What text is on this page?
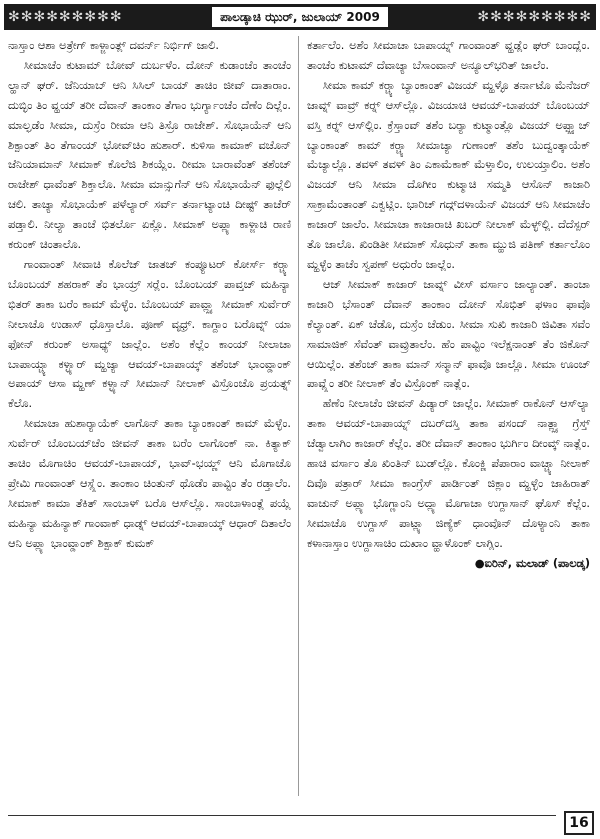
✻✻✻✻✻✻✻✻✻	ಪಾಲಡ್ಕಾಚಿ ಝುರ್, ಜುಲಾಯ್ 2009	✻✻✻✻✻✻✻✻✻

ನಾಸ್ತಾಂ ಆಶಾ ಅತ್ರೇಗ್ ಕಾಳ್ಜಾಂತ್ಲ್ ದವರ್ನ್ ನಿರ್ಭಿಗ್ ಜಾಲಿ.

ಸೀಮಾಚೆಂ ಕುಟಾಮ್ ಬೋವ್ ದುರ್ಬಳೆಂ. ದೋನ್ ಕುಡಾಂಚೆಂ ತಾಂಚೆಂ ಲ್ಹಾನ್ ಘರ್. ಜೆನಿಯಾಬ್ ಆನಿ ಸಿಸಿಲ್ ಬಾಯ್ ತಾಚಿಂ ಜೀವ್ ದಾತಾರಾಂ. ದುಬ್ಳಿಂ ತಿಂ ವ್ಹಯ್ ತರೀ ದೆವಾನ್ ತಾಂಕಾಂ ತೆಗಾಂ ಭುರ್ಗ್ಯಾಂಚೆಂ ದೆಣೆಂ ದಿಲ್ಲೆಂ. ಮಾಲ್ಘಡೆಂ ಸೀಮಾ, ದುಸ್ರೆಂ ರೀಮಾ ಆನಿ ತಿಸ್ರೊ ರಾಜೇಶ್. ಸೊಭಾಯೆನ್ ಆನಿ ಶಿಕ್ಪಾಂತ್ ತಿಂ ತೆಗಾಂಯ್ ಭೋವ್‌ಚಿಂ ಹುಶಾರ್. ಕುಳಿಸಾ ಕಾಮಾಕ್ ವಚೊನ್ ಜೆನಿಯಾಮಾನ್ ಸೀಮಾಕ್ ಕೊಲೆಜಿ ಶಿಕಯ್ಲೆಂ. ರೀಮಾ ಬಾರಾವೆಂತ್ ತಶೆಂಚ್ ರಾಜೇಶ್ ಧಾವೆಂತ್ ಶಿಕ್ತಾಲೊ. ಸೀಮಾ ಮಾನ್ಸುಗೆನ್ ಆನಿ ಸೊಭಾಯೆನ್ ಫುಲ್ಲೆಲಿ ಚಲಿ. ತಾಚ್ಯಾ ಸೊಭಾಯೆಕ್ ಪಳೆಲ್ಯಾರ್ ಸರ್ವ್ ತರ್ನಾಟ್ಯಾಂಚಿ ದೀಷ್ಟ್ ತಾಚೆರ್ ಪಡ್ತಾಲಿ. ನೀಲ್ಯಾ ತಾಂಚೆ ಭಿತರ್ಲೊ ಏಕ್ಲೊ. ಸೀಮಾಕ್ ಅಪ್ಲ್ಯಾ ಕಾಳ್ಜಾಚಿ ರಾಣಿ ಕರುಂಕ್ ಚಿಂತಾಲೊ.

ಗಾಂವಾಂತ್ ಸೀವಾಚಿ ಕೊಲೆಜ್ ಜಾತಚ್ ಕಂಪ್ಯೂಟರ್ ಕೋರ್ಸ್ ಕರ್‍ಚ್ಯಾ ಬೊಂಬಯ್ ಶಹರಾಕ್ ತೆಂ ಭಾಯ್ರ್ ಸರ್‍ಲೆಂ. ಬೊಂಬಯ್ ಪಾವ್ತಚ್ ಮಹಿನ್ಯಾ ಭಿತರ್ ತಾಕಾ ಬರೆಂ ಕಾಮ್ ಮೆಳ್ಳೆಂ. ಬೊಂಬಯ್ ಪಾವ್ಲ್ಲ್ಯಾ ಸೀಮಾಕ್ ಸುರ್ವೆರ್ ನೀಲಾಚೊ ಉಡಾಸ್ ಧೊಸ್ತಾಲೊ. ಪೂಣ್ ವೃಧ್ರ್. ಕಾಗ್ದಾಂ ಬರೊವ್ನ್ ಯಾ ಫೋನ್ ಕರುಂಕ್ ಅಸಾಧ್ಯ್ ಜಾಲ್ಲೆಂ. ಅಶೆಂ ಕೆಲ್ಲೆಂ ಕಾಂಯ್ ನೀಲಾಚಾ ಬಾಪಾಯ್ಚ್ಯಾ ಕಳ್ಳ್ಯಾರ್ ಮ್ಹಜ್ಯಾ ಆವಯ್-ಬಾಪಾಯ್ಕ್ ತಶೆಂಚ್ ಭಾಂವ್ಡಾಂಕ್ ಅಪಾಯ್ ಆಸಾ ಮ್ಹಣ್ ಕಳ್ಳ್ಯಾನ್ ಸೀಮಾನ್ ನೀಲಾಕ್ ವಿಸ್ರೊಂಚೊ ಪ್ರಯತ್ನ್ ಕೆಲೊ.

ಸೀಮಾಚಾ ಹುಶಾರ್‍ಯಾಯೆಕ್ ಲಾಗೊನ್ ತಾಕಾ ಬ್ಯಾಂಕಾಂತ್ ಕಾಮ್ ಮೆಳ್ಳೆಂ. ಸುರ್ವೆರ್ ಬೊಂಬಯ್‌ಚೆಂ ಜೀವನ್ ತಾಕಾ ಬರೆಂ ಲಾಗೊಂಕ್ ನಾ. ಕಿತ್ಯಾಕ್ ತಾಚಿಂ ಮೊಗಾಚಿಂ ಆವಯ್-ಬಾಪಾಯ್, ಭಾವ್-ಭಯ್ಣ್ ಆನಿ ಮೊಗಾಚೊ ಪ್ರೇಮಿ ಗಾಂವಾಂತ್ ಆಸ್ಲ್ಲೆಂ. ತಾಂಕಾಂ ಚಿಂತುನ್ ಥೊಡೆಂ ಪಾವ್ಟಿಂ ತೆಂ ರಡ್ತಾಲೆಂ. ಸೀಮಾಕ್ ಕಾಮಾ ತೆಕಿತ್ ಸಾಂಬಾಳ್ ಬರೊ ಆಸ್‌ಲ್ಲೊ. ಸಾಂಬಾಳಾಂತ್ಲೆ ಪಯ್ಲೆ ಮಹಿನ್ಯಾ ಮಹಿನ್ಯಾಕ್ ಗಾಂವಾಕ್ ಧಾಡ್ನ್ ಆವಯ್-ಬಾಪಾಯ್ಕ್ ಆಧಾರ್ ದಿತಾಲೆಂ ಆನಿ ಅಪ್ಲ್ಯಾ ಭಾಂವ್ಡಾಂಕ್ ಶಿಕ್ಪಾಕ್ ಕುಮಕ್

ಕರ್ತಾಲೆಂ. ಅಶೆಂ ಸೀಮಾಚಾ ಬಾಪಾಯ್ನ್ ಗಾಂವಾಂತ್ ವ್ಹಡ್ಲೆಂ ಘರ್ ಬಾಂದ್ಲೆಂ. ತಾಂಚೆಂ ಕುಟಾಮ್ ದೆವಾಚ್ಯಾ ಬೆಸಾಂವಾನ್ ಅನ್ಯೂಲ್‌ಭರಿತ್ ಜಾಲೆಂ.

ಸೀಮಾ ಕಾಮ್ ಕರ್‍ಚ್ಯಾ ಬ್ಯಾಂಕಾಂತ್ ವಿಜಯ್ ಮ್ಹಳ್ಳೊ ತರ್ನಾಟೊ ಮೆನೆಜರ್ ಜಾವ್ನ್ ವಾವ್ರ್ ಕರ್‍ನ್ ಆಸ್‌ಲ್ಲೊ. ವಿಜಯಾಚಿ ಆವಯ್-ಬಾಪಯ್ ಬೊಂಬಯ್ ವಸ್ತಿ ಕರ್‍ನ್ ಆಸ್‌ಲ್ಲಿಂ. ಕ್ರೆಸ್ತಾಂವ್ ತಶೆಂ ಬರ್‍ಯಾ ಕುಟ್ಮಾಂತ್ಲೊ ವಿಜಯ್ ಅಪ್ಪ್ಲ್ಯಾಚ್ ಬ್ಯಾಂಕಾಂತ್ ಕಾಮ್ ಕರ್‍ಚ್ಯಾ ಸೀಮಾಚ್ಯಾ ಗುಣಾಂಕ್ ತಶೆಂ ಬುದ್ವಂತ್ಕಾಯೆಕ್ ಮೆಚ್ಯಾಲ್ಲೊ. ತವಳ್ ತವಳ್ ತಿಂ ಎಕಾಮೆಕಾಕ್ ಮೆಳ್ತಾಲಿಂ, ಉಲಯ್ತಾಲಿಂ. ಅಶೆಂ ವಿಜಯ್ ಆನಿ ಸೀಮಾ ದೊಗೀಂ ಕುಟ್ಮಾಚಿ ಸಮ್ಮತಿ ಆಸೊನ್ ಕಾಜಾರಿ ಸಾಕ್ರಾಮೆಂತಾಂತ್ ಎಕ್ವಟ್ಲಿಂ. ಭಾರಿಚ್ ಗದ್ಗ್‌ದಳಾಯೆನ್ ವಿಜಯ್ ಆನಿ ಸೀಮಾಚೆಂ ಕಾಜಾರ್ ಜಾಲೆಂ. ಸೀಮಾಚಾ ಕಾಜಾರಾಚಿ ಖಬರ್ ನೀಲಾಕ್ ಮೆಳ್ಳ್‌ಲ್ಲಿ. ದೆದೆಸ್ಪರ್ ತೊ ಜಾಲೊ. ಖಿಂಡಿತೀ ಸೀಮಾಕ್ ಸೊಧುನ್ ತಾಕಾ ಮ್ಹುಜಿ ಪತಿಣ್ ಕರ್ತಾಲೊಂ ಮ್ಹಳ್ಳೆಂ ತಾಚೆಂ ಸ್ವಪಣ್ ಅಧುರೆಂ ಜಾಲ್ಲೆಂ.

ಆಜ್ ಸೀಮಾಕ್ ಕಾಜಾರ್ ಜಾವ್ನ್ ವೀಸ್ ವರ್ಸಾಂ ಜಾಲ್ಯಾಂತ್. ತಾಂಚಾ ಕಾಜಾರಿ ಭೆಸಾಂತ್ ದೆವಾನ್ ತಾಂಕಾಂ ದೋನ್ ಸೊಭಿತ್ ಫಳಾಂ ಫಾವೊ ಕೆಲ್ಯಾಂತ್. ಏಕ್ ಚೆಡೊ, ದುಸ್ರೆಂ ಚೆಡುಂ. ಸೀಮಾ ಸುಖಿ ಕಾಜಾರಿ ಜಿವಿತಾ ಸವೆಂ ಸಾಮಾಜಿಕ್ ಸೆವೆಂತ್ ವಾವ್ರುತಾಲೆಂ. ಹೆಂ ಪಾವ್ಟಿಂ ಇಲೆಕ್ಷನಾಂತ್ ತೆಂ ಜಿಕೊನ್ ಆಯಿಲ್ಲೆಂ. ತಶೆಂಚ್ ತಾಕಾ ಮಾನ್ ಸನ್ಮಾನ್ ಫಾವೊ ಜಾಲ್ಲೊ. ಸೀಮಾ ಊಂಚ್ ಪಾವ್ಲ್ಲೆಂ ತರೀ ನೀಲಾಕ್ ತೆಂ ವಿಸ್ರೊಂಕ್ ನಾತ್ಲೆಂ.

ಹೆಣೆಂ ನೀಲಾಚೆಂ ಜೀವನ್ ಪಿಡ್ಯಾರ್ ಜಾಲ್ಲೆಂ. ಸೀಮಾಕ್ ರಾಕೊನ್ ಆಸ್‌ಲ್ಯಾ ತಾಕಾ ಆವಯ್-ಬಾಪಾಯ್ನ್ ದಬರ್‌ದಸ್ತಿ ತಾಕಾ ಪಸಂದ್ ನಾತ್ಲ್ಲ್ಯಾ ಗ್ರೆಸ್ತ್ ಚೆಡ್ವಾಲಾಗಿಂ ಕಾಜಾರ್ ಕೆಲ್ಲೆಂ. ತರೀ ದೆವಾನ್ ತಾಂಕಾಂ ಭುರ್ಗಿಂ ದೀಂವ್ಕ್ ನಾತ್ಲೆಂ. ಹಾಚಿ ವರ್ಸಾಂ ತೊ ಖಿಂತಿನ್ ಬುಡ್‌ಲ್ಲೊ. ಕೊಂಕ್ಣಿ ಪೆಪಾರಾಂ ವಾಚ್ಚ್ಯಾ ನೀಲಾಕ್ ದಿವೊ ಪತ್ರಾರ್ ಸೀಮಾ ಕಾಂಗ್ರೆಸ್ ಪಾರ್ಡಿಂತ್ ಜಿಕ್ಲಾಂ ಮ್ಹಳ್ಳೆಂ ಜಾಹಿರಾತ್ ವಾಚುನ್ ಅಪ್ಲ್ಯಾ ಭೊಗ್ಣಾಂನಿ ಅದ್ಲ್ಯಾ ಮೊಗಾಚಾ ಉಗ್ದಾಸಾನ್ ಘೊಸ್ ಕೆಲ್ಲೆಂ. ಸೀಮಾಚೊ ಉಗ್ದಾಸ್ ಪಾಟ್ಲ್ಯಾ ಜಿಣ್ಯೆಕ್ ಧಾಂವೊನ್ ದೊಳ್ಯಾಂನಿ ತಾಕಾ ಕಳಾನಾಸ್ತಾಂ ಉಗ್ದಾಸಾಚಿಂ ದುಖಾಂ ವ್ಹಾಳೊಂಕ್ ಲಾಗ್ಲಿಂ.

●ಐರಿನ್, ಮಲಾಡ್ (ಪಾಲಡ್ಕ)

16
